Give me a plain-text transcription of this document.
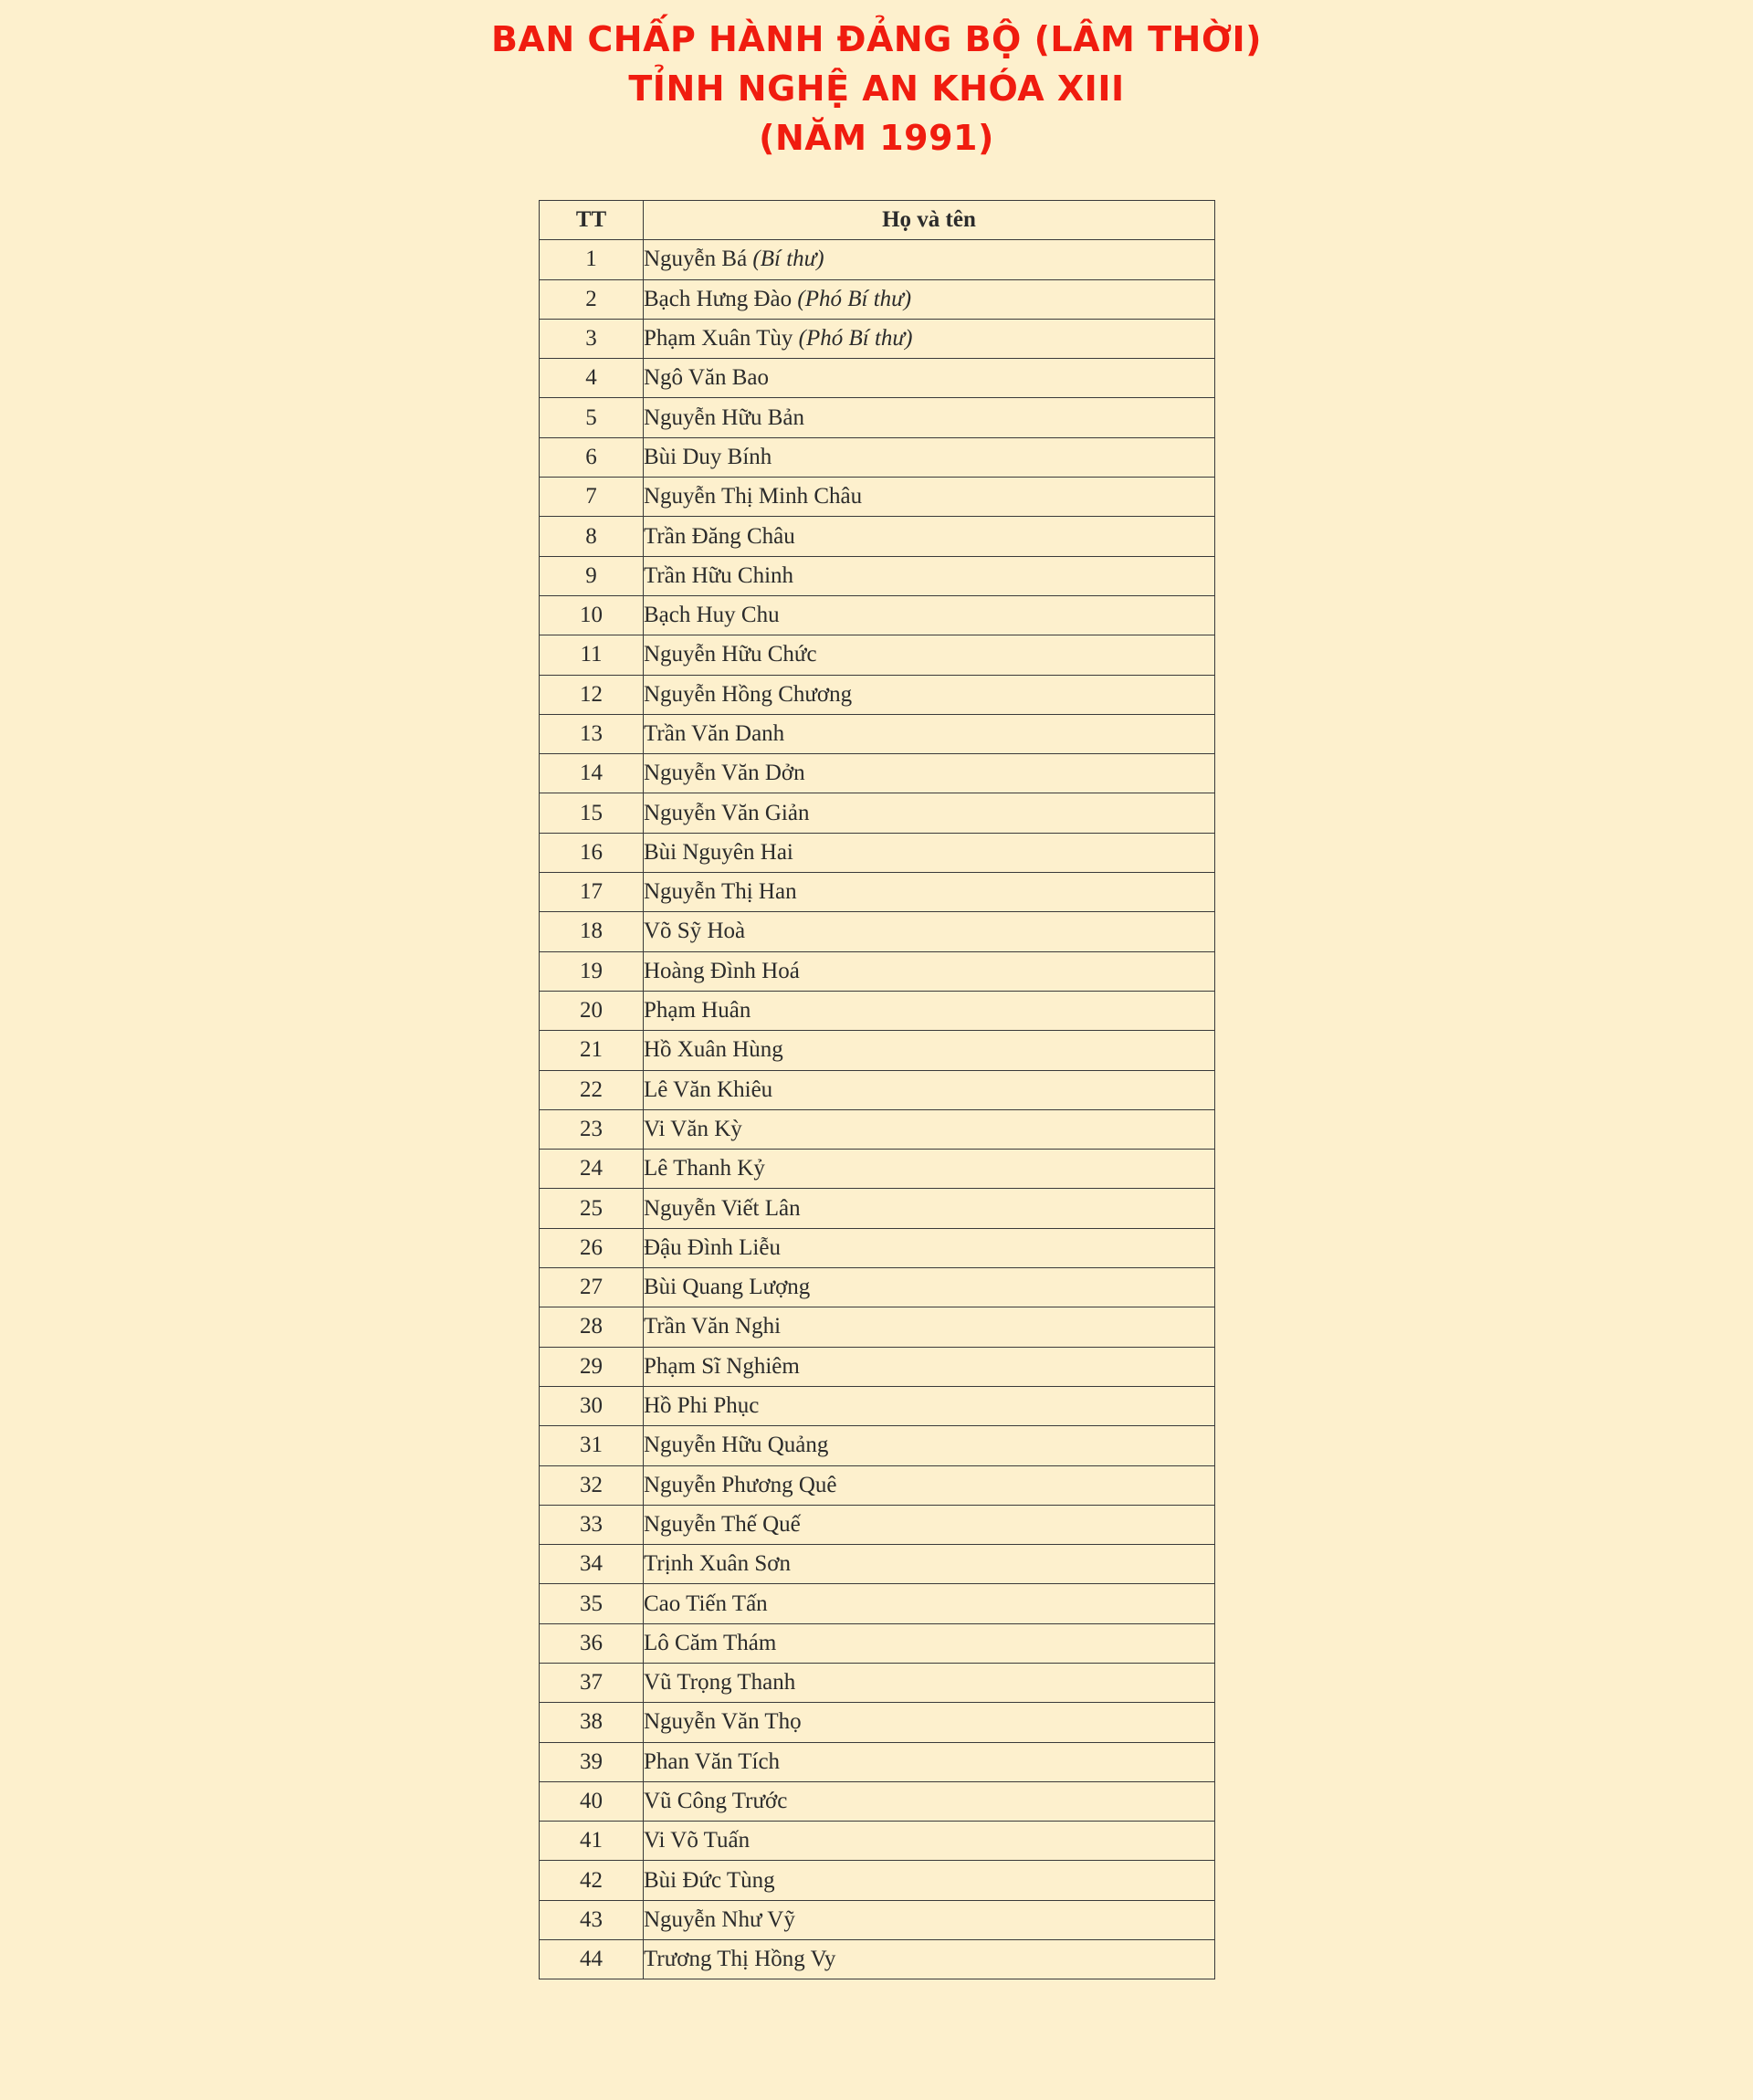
BAN CHẤP HÀNH ĐẢNG BỘ (LÂM THỜI)
TỈNH NGHỆ AN KHÓA XIII
(NĂM 1991)
TT	Họ và tên
1	Nguyễn Bá (Bí thư)
2	Bạch Hưng Đào (Phó Bí thư)
3	Phạm Xuân Tùy (Phó Bí thư)
4	Ngô Văn Bao
5	Nguyễn Hữu Bản
6	Bùi Duy Bính
7	Nguyễn Thị Minh Châu
8	Trần Đăng Châu
9	Trần Hữu Chinh
10	Bạch Huy Chu
11	Nguyễn Hữu Chức
12	Nguyễn Hồng Chương
13	Trần Văn Danh
14	Nguyễn Văn Dởn
15	Nguyễn Văn Giản
16	Bùi Nguyên Hai
17	Nguyễn Thị Han
18	Võ Sỹ Hoà
19	Hoàng Đình Hoá
20	Phạm Huân
21	Hồ Xuân Hùng
22	Lê Văn Khiêu
23	Vi Văn Kỳ
24	Lê Thanh Kỷ
25	Nguyễn Viết Lân
26	Đậu Đình Liễu
27	Bùi Quang Lượng
28	Trần Văn Nghi
29	Phạm Sĩ Nghiêm
30	Hồ Phi Phục
31	Nguyễn Hữu Quảng
32	Nguyễn Phương Quê
33	Nguyễn Thế Quế
34	Trịnh Xuân Sơn
35	Cao Tiến Tấn
36	Lô Căm Thám
37	Vũ Trọng Thanh
38	Nguyễn Văn Thọ
39	Phan Văn Tích
40	Vũ Công Trước
41	Vi Võ Tuấn
42	Bùi Đức Tùng
43	Nguyễn Như Vỹ
44	Trương Thị Hồng Vy
